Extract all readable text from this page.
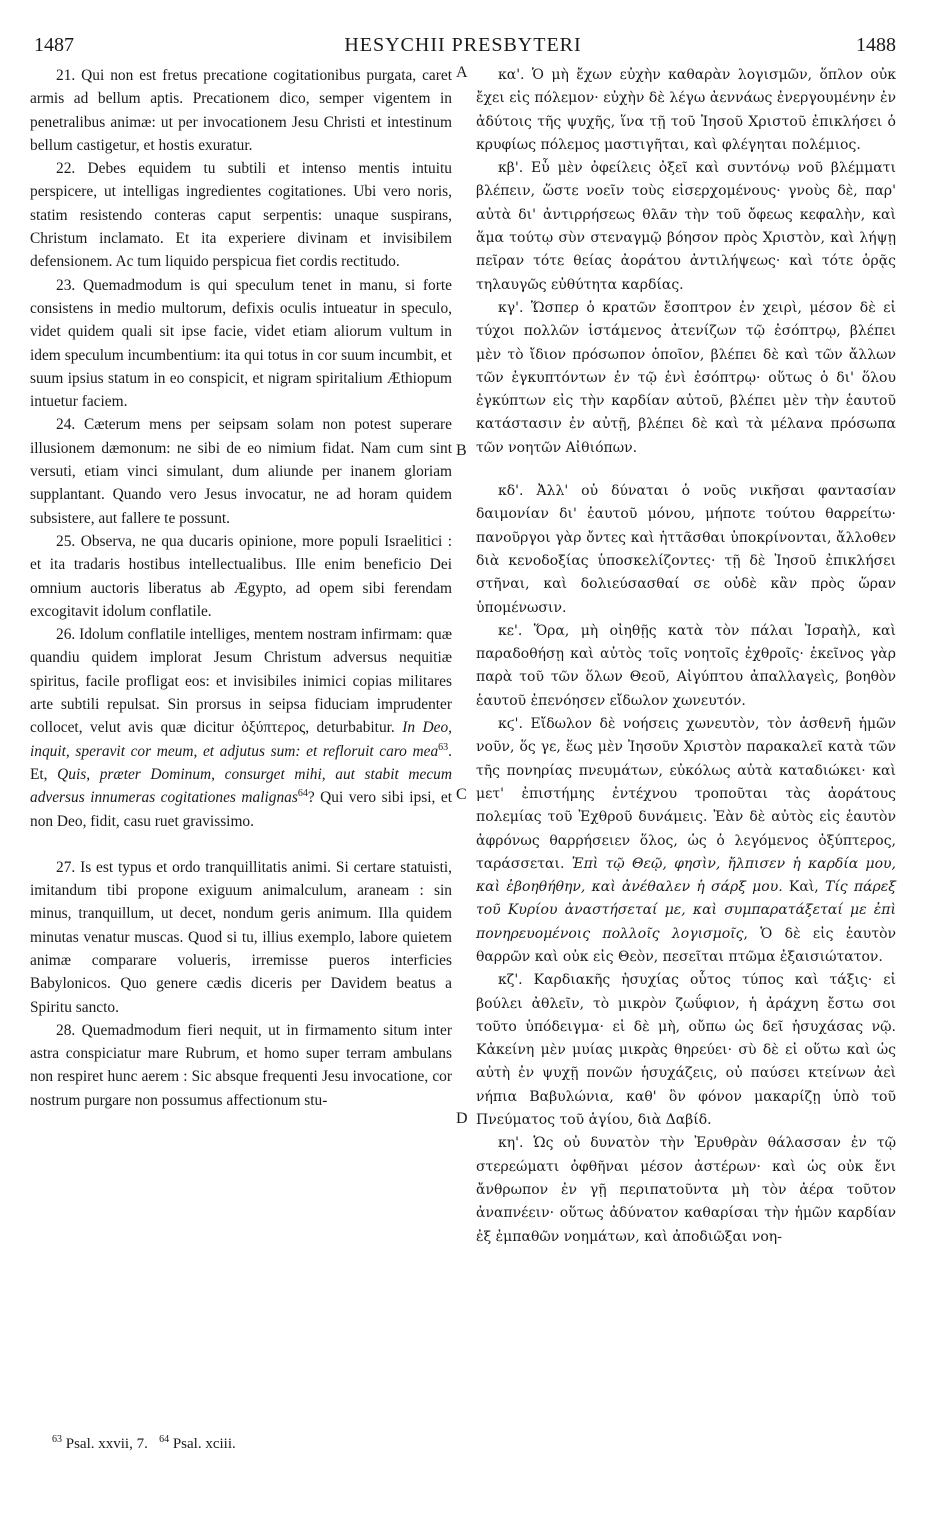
1487	HESYCHII PRESBYTERI	1488

21. Qui non est fretus precatione cogitationibus purgata, caret armis ad bellum aptis. Precationem dico, semper vigentem in penetralibus animæ: ut per invocationem Jesu Christi et intestinum bellum castigetur, et hostis exuratur.

22. Debes equidem tu subtili et intenso mentis intuitu perspicere, ut intelligas ingredientes cogitationes. Ubi vero noris, statim resistendo conteras caput serpentis: unaque suspirans, Christum inclamato. Et ita experiere divinam et invisibilem defensionem. Ac tum liquido perspicua fiet cordis rectitudo.

23. Quemadmodum is qui speculum tenet in manu, si forte consistens in medio multorum, defixis oculis intueatur in speculo, videt quidem quali sit ipse facie, videt etiam aliorum vultum in idem speculum incumbentium: ita qui totus in cor suum incumbit, et suum ipsius statum in eo conspicit, et nigram spiritalium Æthiopum intuetur faciem.

24. Cæterum mens per seipsam solam non potest superare illusionem dæmonum: ne sibi de eo nimium fidat. Nam cum sint versuti, etiam vinci simulant, dum aliunde per inanem gloriam supplantant. Quando vero Jesus invocatur, ne ad horam quidem subsistere, aut fallere te possunt.

25. Observa, ne qua ducaris opinione, more populi Israelitici : et ita tradaris hostibus intellectualibus. Ille enim beneficio Dei omnium auctoris liberatus ab Ægypto, ad opem sibi ferendam excogitavit idolum conflatile.

26. Idolum conflatile intelliges, mentem nostram infirmam: quæ quandiu quidem implorat Jesum Christum adversus nequitiæ spiritus, facile profligat eos: et invisibiles inimici copias militares arte subtili repulsat. Sin prorsus in seipsa fiduciam imprudenter collocet, velut avis quæ dicitur ὀξύπτερος, deturbabitur. In Deo, inquit, speravit cor meum, et adjutus sum: et refloruit caro mea$^{63}$. Et, Quis, præter Dominum, consurget mihi, aut stabit mecum adversus innumeras cogitationes malignas$^{64}$? Qui vero sibi ipsi, et non Deo, fidit, casu ruet gravissimo.

27. Is est typus et ordo tranquillitatis animi. Si certare statuisti, imitandum tibi propone exiguum animalculum, araneam : sin minus, tranquillum, ut decet, nondum geris animum. Illa quidem minutas venatur muscas. Quod si tu, illius exemplo, labore quietem animæ comparare volueris, irremisse pueros interficies Babylonicos. Quo genere cædis diceris per Davidem beatus a Spiritu sancto.

28. Quemadmodum fieri nequit, ut in firmamento situm inter astra conspiciatur mare Rubrum, et homo super terram ambulans non respiret hunc aerem : Sic absque frequenti Jesu invocatione, cor nostrum purgare non possumus affectionum stu-

A
B
C
D

κα'. Ὁ μὴ ἔχων εὐχὴν καθαρὰν λογισμῶν, ὅπλον οὐκ ἔχει εἰς πόλεμον· εὐχὴν δὲ λέγω ἀεννάως ἐνεργουμένην ἐν ἀδύτοις τῆς ψυχῆς, ἵνα τῇ τοῦ Ἰησοῦ Χριστοῦ ἐπικλήσει ὁ κρυφίως πόλεμος μαστιγῆται, καὶ φλέγηται πολέμιος.

κβ'. Εὖ μὲν ὀφείλεις ὀξεῖ καὶ συντόνῳ νοῦ βλέμματι βλέπειν, ὥστε νοεῖν τοὺς εἰσερχομένους· γνοὺς δὲ, παρ' αὐτὰ δι' ἀντιρρήσεως θλᾶν τὴν τοῦ ὄφεως κεφαλὴν, καὶ ἅμα τούτῳ σὺν στεναγμῷ βόησον πρὸς Χριστὸν, καὶ λήψῃ πεῖραν τότε θείας ἀοράτου ἀντιλήψεως· καὶ τότε ὁρᾷς τηλαυγῶς εὐθύτητα καρδίας.

κγ'. Ὥσπερ ὁ κρατῶν ἔσοπτρον ἐν χειρὶ, μέσον δὲ εἰ τύχοι πολλῶν ἱστάμενος ἀτενίζων τῷ ἐσόπτρῳ, βλέπει μὲν τὸ ἴδιον πρόσωπον ὁποῖον, βλέπει δὲ καὶ τῶν ἄλλων τῶν ἐγκυπτόντων ἐν τῷ ἑνὶ ἐσόπτρῳ· οὕτως ὁ δι' ὅλου ἐγκύπτων εἰς τὴν καρδίαν αὐτοῦ, βλέπει μὲν τὴν ἑαυτοῦ κατάστασιν ἐν αὐτῇ, βλέπει δὲ καὶ τὰ μέλανα πρόσωπα τῶν νοητῶν Αἰθιόπων.

κδ'. Ἀλλ' οὐ δύναται ὁ νοῦς νικῆσαι φαντασίαν δαιμονίαν δι' ἑαυτοῦ μόνου, μήποτε τούτου θαρρείτω· πανοῦργοι γὰρ ὄντες καὶ ἡττᾶσθαι ὑποκρίνονται, ἄλλοθεν διὰ κενοδοξίας ὑποσκελίζοντες· τῇ δὲ Ἰησοῦ ἐπικλήσει στῆναι, καὶ δολιεύσασθαί σε οὐδὲ κἂν πρὸς ὥραν ὑπομένωσιν.

κε'. Ὅρα, μὴ οἰηθῇς κατὰ τὸν πάλαι Ἰσραὴλ, καὶ παραδοθήσῃ καὶ αὐτὸς τοῖς νοητοῖς ἐχθροῖς· ἐκεῖνος γὰρ παρὰ τοῦ τῶν ὅλων Θεοῦ, Αἰγύπτου ἀπαλλαγεὶς, βοηθὸν ἑαυτοῦ ἐπενόησεν εἴδωλον χωνευτόν.

κϛ'. Εἴδωλον δὲ νοήσεις χωνευτὸν, τὸν ἀσθενῆ ἡμῶν νοῦν, ὅς γε, ἕως μὲν Ἰησοῦν Χριστὸν παρακαλεῖ κατὰ τῶν τῆς πονηρίας πνευμάτων, εὐκόλως αὐτὰ καταδιώκει· καὶ μετ' ἐπιστήμης ἐντέχνου τροποῦται τὰς ἀοράτους πολεμίας τοῦ Ἐχθροῦ δυνάμεις. Ἐὰν δὲ αὐτὸς εἰς ἑαυτὸν ἀφρόνως θαρρήσειεν ὅλος, ὡς ὁ λεγόμενος ὀξύπτερος, ταράσσεται. Ἐπὶ τῷ Θεῷ, φησὶν, ἤλπισεν ἡ καρδία μου, καὶ ἐβοηθήθην, καὶ ἀνέθαλεν ἡ σάρξ μου. Καὶ, Τίς πάρεξ τοῦ Κυρίου ἀναστήσεταί με, καὶ συμπαρατάξεταί με ἐπὶ πονηρευομένοις πολλοῖς λογισμοῖς, Ὁ δὲ εἰς ἑαυτὸν θαρρῶν καὶ οὐκ εἰς Θεὸν, πεσεῖται πτῶμα ἐξαισιώτατον.

κζ'. Καρδιακῆς ἡσυχίας οὗτος τύπος καὶ τάξις· εἰ βούλει ἀθλεῖν, τὸ μικρὸν ζωΰφιον, ἡ ἀράχνη ἔστω σοι τοῦτο ὑπόδειγμα· εἰ δὲ μὴ, οὔπω ὡς δεῖ ἡσυχάσας νῷ. Κἀκείνη μὲν μυίας μικρὰς θηρεύει· σὺ δὲ εἰ οὕτω καὶ ὡς αὐτὴ ἐν ψυχῇ πονῶν ἡσυχάζεις, οὐ παύσει κτείνων ἀεὶ νήπια Βαβυλώνια, καθ' ὃν φόνον μακαρίζῃ ὑπὸ τοῦ Πνεύματος τοῦ ἁγίου, διὰ Δαβίδ.

κη'. Ὡς οὐ δυνατὸν τὴν Ἐρυθρὰν θάλασσαν ἐν τῷ στερεώματι ὀφθῆναι μέσον ἀστέρων· καὶ ὡς οὐκ ἔνι ἄνθρωπον ἐν γῇ περιπατοῦντα μὴ τὸν ἀέρα τοῦτον ἀναπνέειν· οὕτως ἀδύνατον καθαρίσαι τὴν ἡμῶν καρδίαν ἐξ ἐμπαθῶν νοημάτων, καὶ ἀποδιῶξαι νοη-

$^{63}$ Psal. xxvii, 7. $^{64}$ Psal. xciii.
